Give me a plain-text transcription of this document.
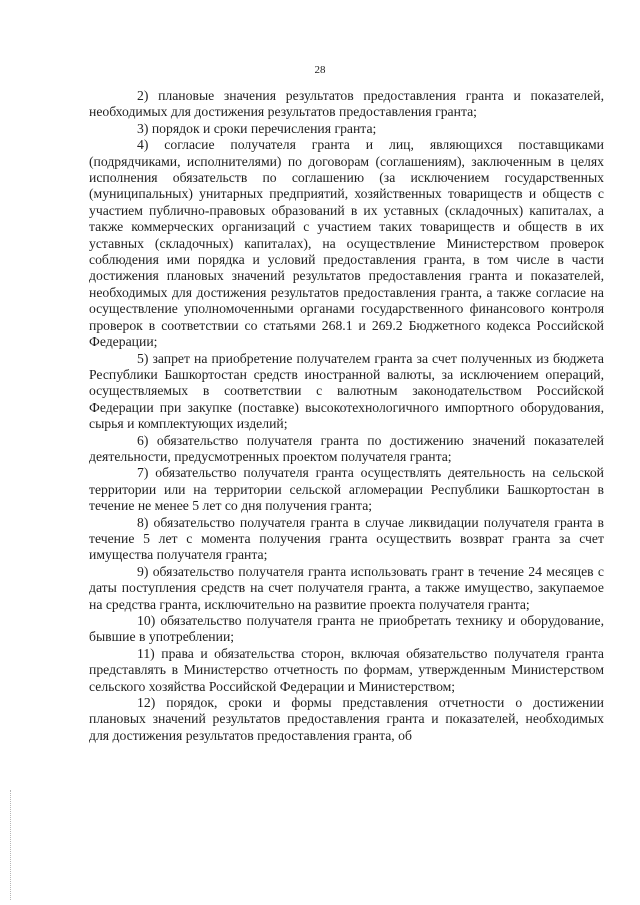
28

2) плановые значения результатов предоставления гранта и показателей, необходимых для достижения результатов предоставления гранта;

3) порядок и сроки перечисления гранта;

4) согласие получателя гранта и лиц, являющихся поставщиками (подрядчиками, исполнителями) по договорам (соглашениям), заключенным в целях исполнения обязательств по соглашению (за исключением государственных (муниципальных) унитарных предприятий, хозяйственных товариществ и обществ с участием публично-правовых образований в их уставных (складочных) капиталах, а также коммерческих организаций с участием таких товариществ и обществ в их уставных (складочных) капиталах), на осуществление Министерством проверок соблюдения ими порядка и условий предоставления гранта, в том числе в части достижения плановых значений результатов предоставления гранта и показателей, необходимых для достижения результатов предоставления гранта, а также согласие на осуществление уполномоченными органами государственного финансового контроля проверок в соответствии со статьями 268.1 и 269.2 Бюджетного кодекса Российской Федерации;

5) запрет на приобретение получателем гранта за счет полученных из бюджета Республики Башкортостан средств иностранной валюты, за исключением операций, осуществляемых в соответствии с валютным законодательством Российской Федерации при закупке (поставке) высокотехнологичного импортного оборудования, сырья и комплектующих изделий;

6) обязательство получателя гранта по достижению значений показателей деятельности, предусмотренных проектом получателя гранта;

7) обязательство получателя гранта осуществлять деятельность на сельской территории или на территории сельской агломерации Республики Башкортостан в течение не менее 5 лет со дня получения гранта;

8) обязательство получателя гранта в случае ликвидации получателя гранта в течение 5 лет с момента получения гранта осуществить возврат гранта за счет имущества получателя гранта;

9) обязательство получателя гранта использовать грант в течение 24 месяцев с даты поступления средств на счет получателя гранта, а также имущество, закупаемое на средства гранта, исключительно на развитие проекта получателя гранта;

10) обязательство получателя гранта не приобретать технику и оборудование, бывшие в употреблении;

11) права и обязательства сторон, включая обязательство получателя гранта представлять в Министерство отчетность по формам, утвержденным Министерством сельского хозяйства Российской Федерации и Министерством;

12) порядок, сроки и формы представления отчетности о достижении плановых значений результатов предоставления гранта и показателей, необходимых для достижения результатов предоставления гранта, об
